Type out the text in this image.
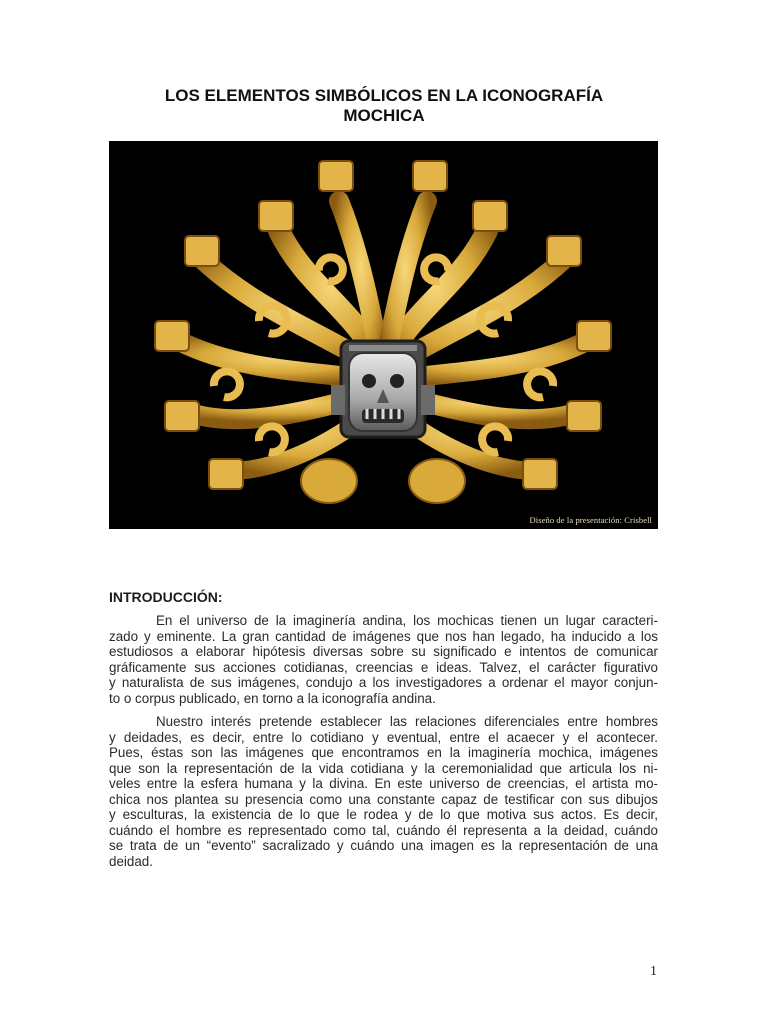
LOS ELEMENTOS SIMBÓLICOS EN LA ICONOGRAFÍA
MOCHICA
Diseño de la presentación: Crisbell
INTRODUCCIÓN:

En el universo de la imaginería andina, los mochicas tienen un lugar caracteri-
zado y eminente. La gran cantidad de imágenes que nos han legado, ha inducido a los
estudiosos a elaborar hipótesis diversas sobre su significado e intentos de comunicar
gráficamente sus acciones cotidianas, creencias e ideas. Talvez, el carácter figurativo
y naturalista de sus imágenes, condujo a los investigadores a ordenar el mayor conjun-
to o corpus publicado, en torno a la iconografía andina.

Nuestro interés pretende establecer las relaciones diferenciales entre hombres
y deidades, es decir, entre lo cotidiano y eventual, entre el acaecer y el acontecer.
Pues, éstas son las imágenes que encontramos en la imaginería mochica, imágenes
que son la representación de la vida cotidiana y la ceremonialidad que articula los ni-
veles entre la esfera humana y la divina. En este universo de creencias, el artista mo-
chica nos plantea su presencia como una constante capaz de testificar con sus dibujos
y esculturas, la existencia de lo que le rodea y de lo que motiva sus actos. Es decir,
cuándo el hombre es representado como tal, cuándo él representa a la deidad, cuándo
se trata de un “evento” sacralizado y cuándo una imagen es la representación de una
deidad.

1
